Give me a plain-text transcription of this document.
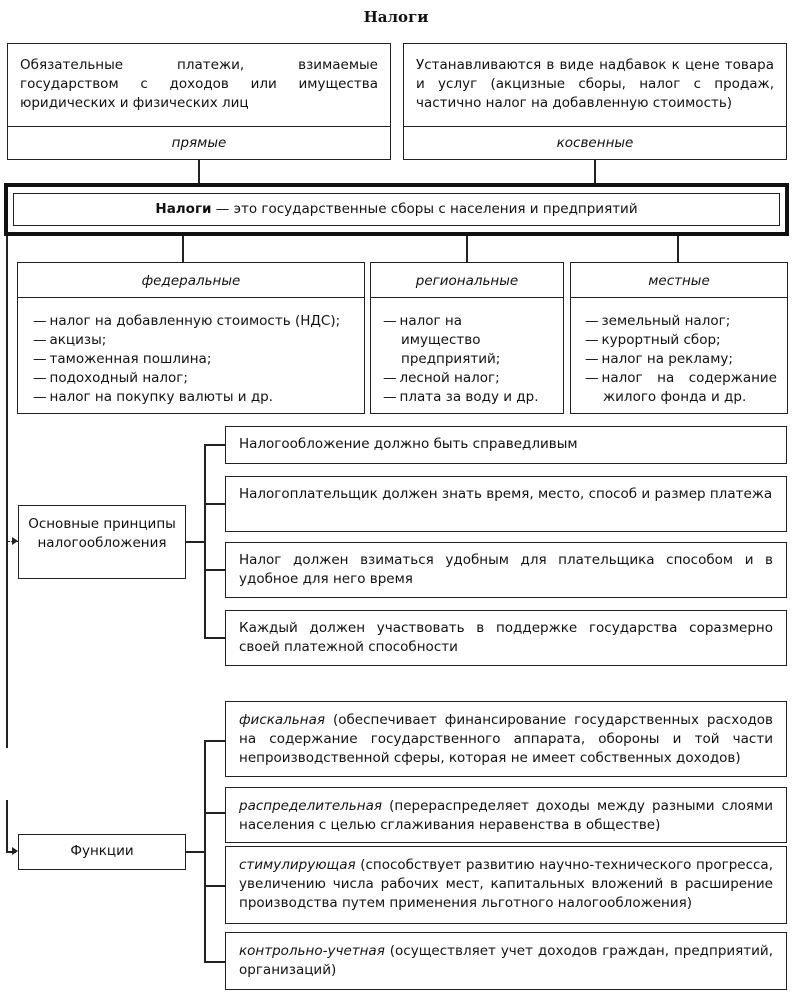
Налоги
Обязательные платежи, взимаемые государством с доходов или имущества юридических и физических лиц
прямые
Устанавливаются в виде надбавок к цене товара и услуг (акцизные сборы, налог с продаж, частично налог на добавленную стоимость)
косвенные
Налоги — это государственные сборы с населения и предприятий
федеральные
— налог на добавленную стоимость (НДС);
— акцизы;
— таможенная пошлина;
— подоходный налог;
— налог на покупку валюты и др.
региональные
— налог на имущество предприятий;
— лесной налог;
— плата за воду и др.
местные
— земельный налог;
— курортный сбор;
— налог на рекламу;
— налог на содержание жилого фонда и др.
Основные принципы налогообложения
Налогообложение должно быть справедливым
Налогоплательщик должен знать время, место, способ и размер платежа
Налог должен взиматься удобным для плательщика способом и в удобное для него время
Каждый должен участвовать в поддержке государства соразмерно своей платежной способности
Функции
фискальная (обеспечивает финансирование государственных расходов на содержание государственного аппарата, обороны и той части непроизводственной сферы, которая не имеет собственных доходов)
распределительная (перераспределяет доходы между разными слоями населения с целью сглаживания неравенства в обществе)
стимулирующая (способствует развитию научно-технического прогресса, увеличению числа рабочих мест, капитальных вложений в расширение производства путем применения льготного налогообложения)
контрольно-учетная (осуществляет учет доходов граждан, предприятий, организаций)
